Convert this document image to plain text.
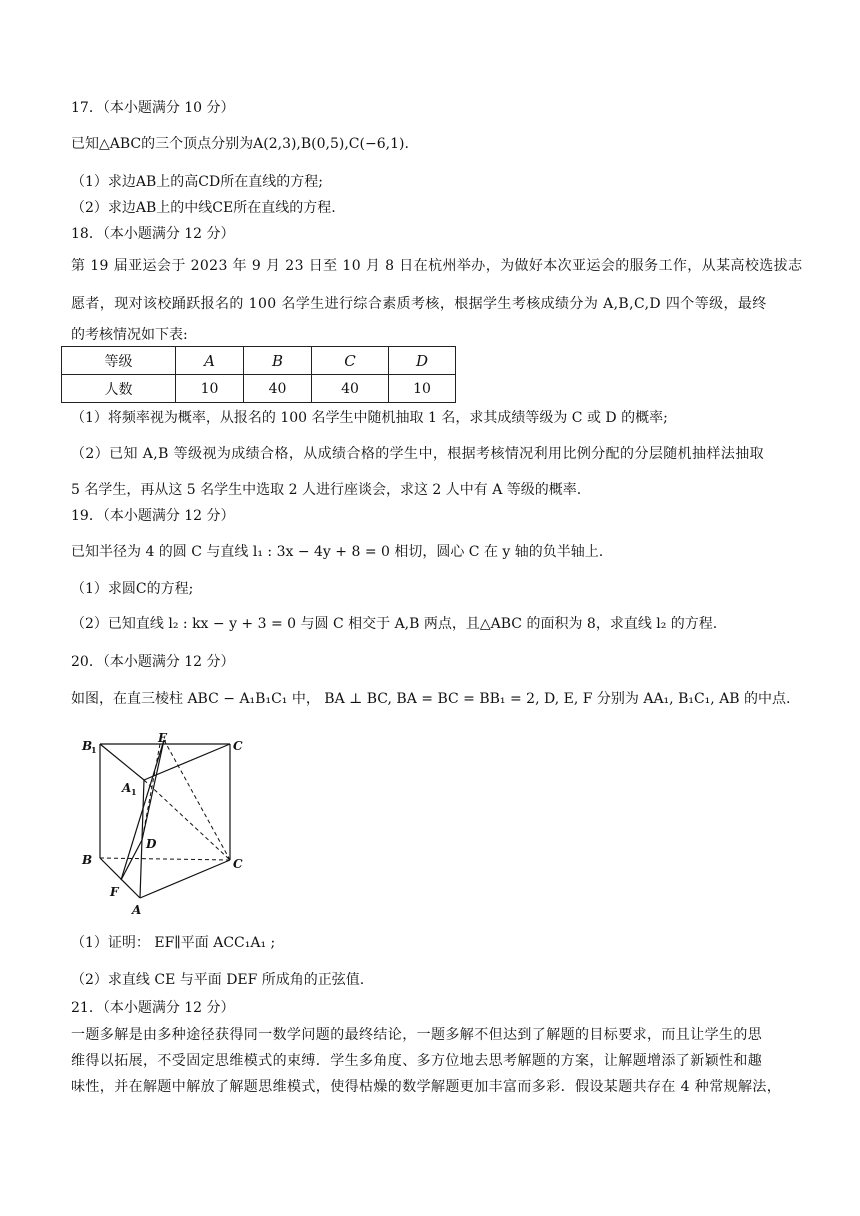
17．（本小题满分 10 分）
已知△ABC的三个顶点分别为A(2,3),B(0,5),C(−6,1).
（1）求边AB上的高CD所在直线的方程;
（2）求边AB上的中线CE所在直线的方程.
18．（本小题满分 12 分）
第 19 届亚运会于 2023 年 9 月 23 日至 10 月 8 日在杭州举办，为做好本次亚运会的服务工作，从某高校选拔志
愿者，现对该校踊跃报名的 100 名学生进行综合素质考核，根据学生考核成绩分为 A,B,C,D 四个等级，最终
的考核情况如下表:
等级	A	B	C	D
人数	10	40	40	10
（1）将频率视为概率，从报名的 100 名学生中随机抽取 1 名，求其成绩等级为 C 或 D 的概率;
（2）已知 A,B 等级视为成绩合格，从成绩合格的学生中，根据考核情况利用比例分配的分层随机抽样法抽取
5 名学生，再从这 5 名学生中选取 2 人进行座谈会，求这 2 人中有 A 等级的概率.
19．（本小题满分 12 分）
已知半径为 4 的圆 C 与直线 l₁ : 3x − 4y + 8 = 0 相切，圆心 C 在 y 轴的负半轴上.
（1）求圆C的方程;
（2）已知直线 l₂ : kx − y + 3 = 0 与圆 C 相交于 A,B 两点，且△ABC 的面积为 8，求直线 l₂ 的方程.
20．（本小题满分 12 分）
如图，在直三棱柱 ABC − A₁B₁C₁ 中， BA ⊥ BC, BA = BC = BB₁ = 2, D, E, F 分别为 AA₁, B₁C₁, AB 的中点.
B
1
E
C
A 1
D
B	C
F
A
（1）证明： EF∥平面 ACC₁A₁ ;
（2）求直线 CE 与平面 DEF 所成角的正弦值.
21．（本小题满分 12 分）
一题多解是由多种途径获得同一数学问题的最终结论，一题多解不但达到了解题的目标要求，而且让学生的思
维得以拓展，不受固定思维模式的束缚．学生多角度、多方位地去思考解题的方案，让解题增添了新颖性和趣
味性，并在解题中解放了解题思维模式，使得枯燥的数学解题更加丰富而多彩．假设某题共存在 4 种常规解法，
